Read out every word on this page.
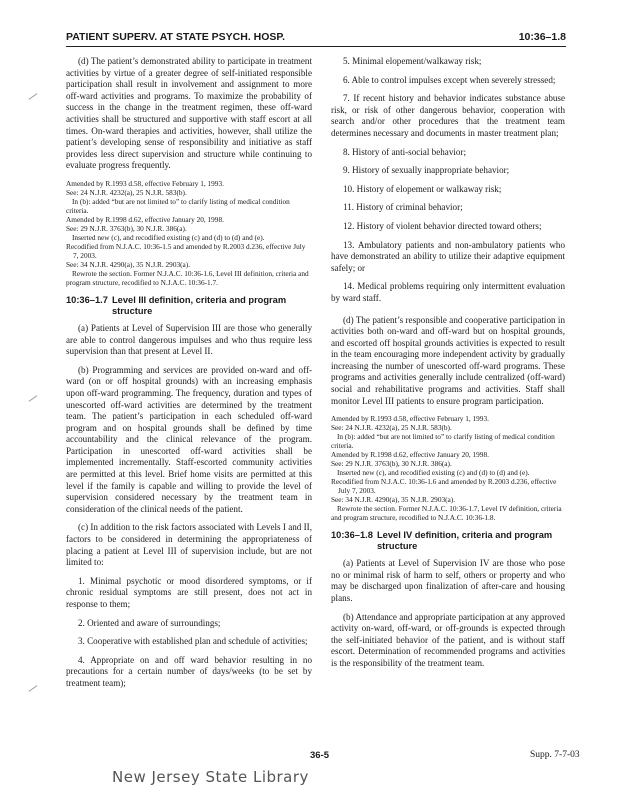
PATIENT SUPERV. AT STATE PSYCH. HOSP.	10:36–1.8

(d) The patient’s demonstrated ability to participate in treatment activities by virtue of a greater degree of self-initiated responsible participation shall result in involvement and assignment to more off-ward activities and programs. To maximize the probability of success in the change in the treatment regimen, these off-ward activities shall be structured and supportive with staff escort at all times. On-ward therapies and activities, however, shall utilize the patient’s developing sense of responsibility and initiative as staff provides less direct supervision and structure while continuing to evaluate progress frequently.

Amended by R.1993 d.58, effective February 1, 1993.
See: 24 N.J.R. 4232(a), 25 N.J.R. 583(b).
In (b): added “but are not limited to” to clarify listing of medical condition criteria.
Amended by R.1998 d.62, effective January 20, 1998.
See: 29 N.J.R. 3763(b), 30 N.J.R. 386(a).
Inserted new (c), and recodified existing (c) and (d) to (d) and (e).
Recodified from N.J.A.C. 10:36-1.5 and amended by R.2003 d.236, effective July 7, 2003.
See: 34 N.J.R. 4290(a), 35 N.J.R. 2903(a).
Rewrote the section. Former N.J.A.C. 10:36-1.6, Level III definition, criteria and program structure, recodified to N.J.A.C. 10:36-1.7.
10:36–1.7 Level III definition, criteria and program
structure

(a) Patients at Level of Supervision III are those who generally are able to control dangerous impulses and who thus require less supervision than that present at Level II.

(b) Programming and services are provided on-ward and off-ward (on or off hospital grounds) with an increasing emphasis upon off-ward programming. The frequency, duration and types of unescorted off-ward activities are determined by the treatment team. The patient’s participation in each scheduled off-ward program and on hospital grounds shall be defined by time accountability and the clinical relevance of the program. Participation in unescorted off-ward activities shall be implemented incrementally. Staff-escorted community activities are permitted at this level. Brief home visits are permitted at this level if the family is capable and willing to provide the level of supervision considered necessary by the treatment team in consideration of the clinical needs of the patient.

(c) In addition to the risk factors associated with Levels I and II, factors to be considered in determining the appropriateness of placing a patient at Level III of supervision include, but are not limited to:

1. Minimal psychotic or mood disordered symptoms, or if chronic residual symptoms are still present, does not act in response to them;

2. Oriented and aware of surroundings;

3. Cooperative with established plan and schedule of activities;

4. Appropriate on and off ward behavior resulting in no precautions for a certain number of days/weeks (to be set by treatment team);

5. Minimal elopement/walkaway risk;

6. Able to control impulses except when severely stressed;

7. If recent history and behavior indicates substance abuse risk, or risk of other dangerous behavior, cooperation with search and/or other procedures that the treatment team determines necessary and documents in master treatment plan;

8. History of anti-social behavior;

9. History of sexually inappropriate behavior;

10. History of elopement or walkaway risk;

11. History of criminal behavior;

12. History of violent behavior directed toward others;

13. Ambulatory patients and non-ambulatory patients who have demonstrated an ability to utilize their adaptive equipment safely; or

14. Medical problems requiring only intermittent evaluation by ward staff.

(d) The patient’s responsible and cooperative participation in activities both on-ward and off-ward but on hospital grounds, and escorted off hospital grounds activities is expected to result in the team encouraging more independent activity by gradually increasing the number of unescorted off-ward programs. These programs and activities generally include centralized (off-ward) social and rehabilitative programs and activities. Staff shall monitor Level III patients to ensure program participation.

Amended by R.1993 d.58, effective February 1, 1993.
See: 24 N.J.R. 4232(a), 25 N.J.R. 583(b).
In (b): added “but are not limited to” to clarify listing of medical condition criteria.
Amended by R.1998 d.62, effective January 20, 1998.
See: 29 N.J.R. 3763(b), 30 N.J.R. 386(a).
Inserted new (c), and recodified existing (c) and (d) to (d) and (e).
Recodified from N.J.A.C. 10:36-1.6 and amended by R.2003 d.236, effective July 7, 2003.
See: 34 N.J.R. 4290(a), 35 N.J.R. 2903(a).
Rewrote the section. Former N.J.A.C. 10:36-1.7, Level IV definition, criteria and program structure, recodified to N.J.A.C. 10:36-1.8.
10:36–1.8 Level IV definition, criteria and program
structure

(a) Patients at Level of Supervision IV are those who pose no or minimal risk of harm to self, others or property and who may be discharged upon finalization of after-care and housing plans.

(b) Attendance and appropriate participation at any approved activity on-ward, off-ward, or off-grounds is expected through the self-initiated behavior of the patient, and is without staff escort. Determination of recommended programs and activities is the responsibility of the treatment team.

36-5	Supp. 7-7-03
New Jersey State Library
